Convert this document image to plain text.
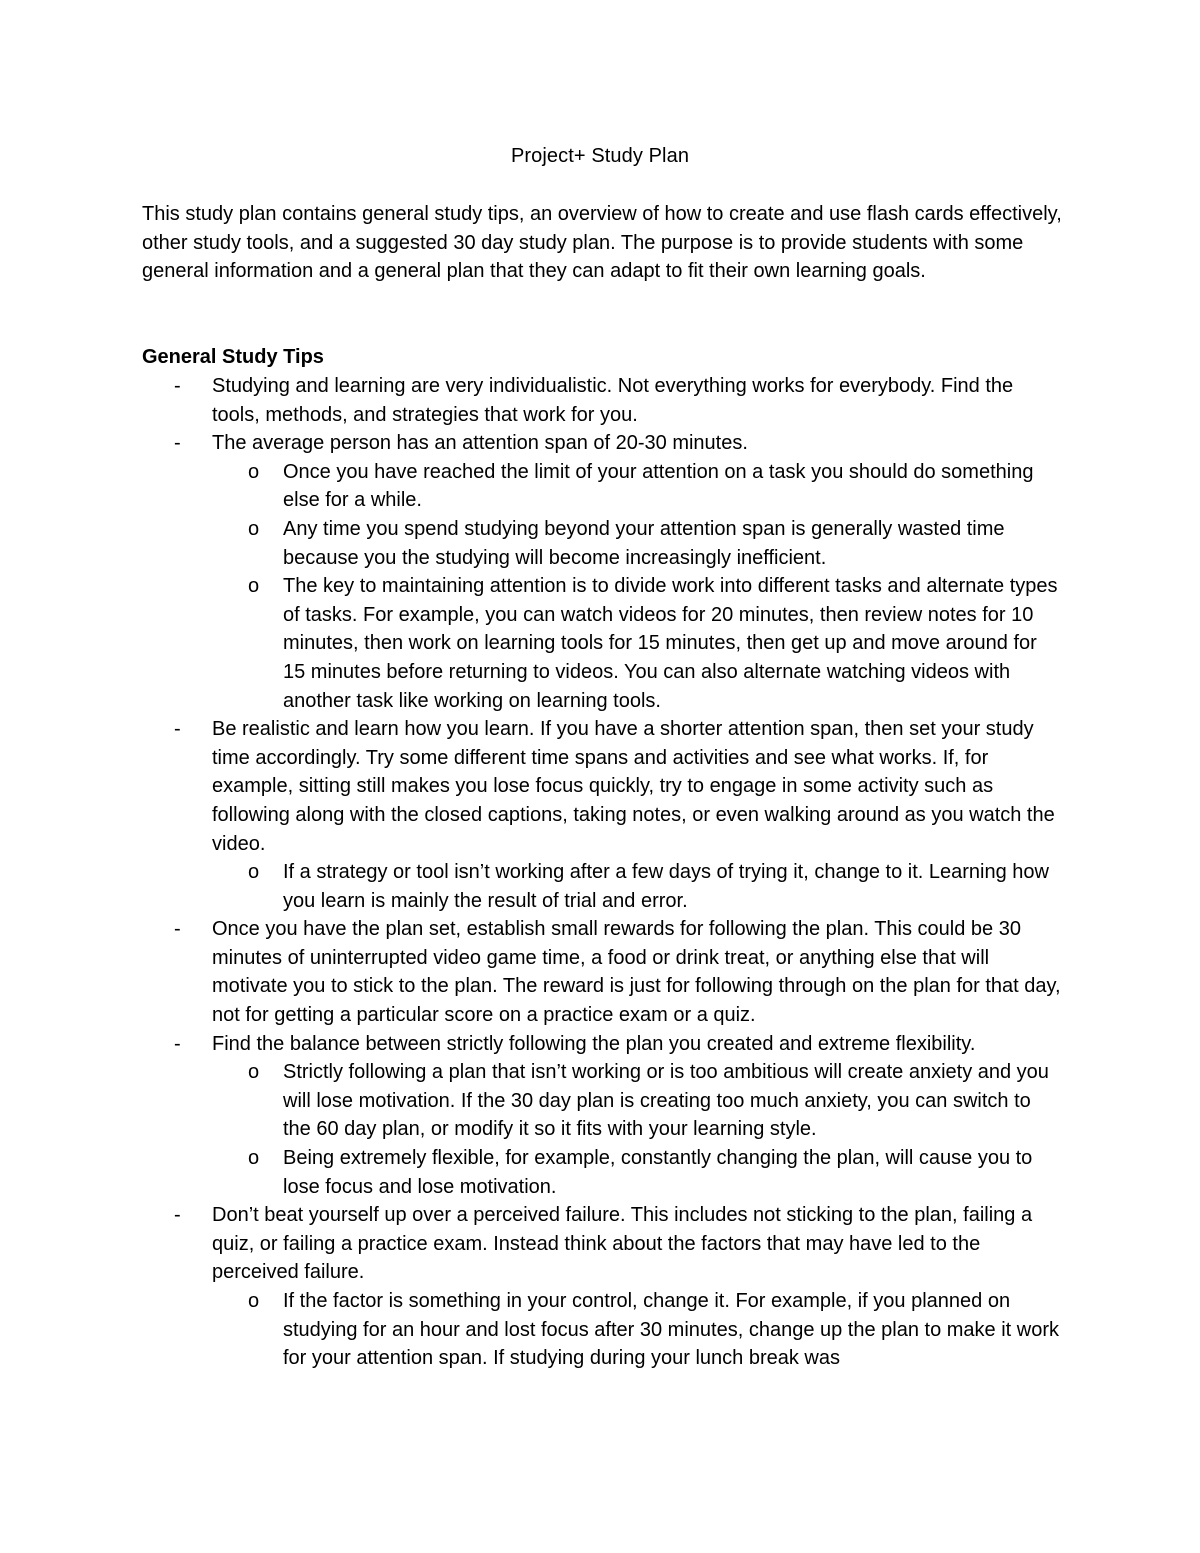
Project+ Study Plan

This study plan contains general study tips, an overview of how to create and use flash cards effectively, other study tools, and a suggested 30 day study plan. The purpose is to provide students with some general information and a general plan that they can adapt to fit their own learning goals.

General Study Tips
- Studying and learning are very individualistic. Not everything works for everybody. Find the tools, methods, and strategies that work for you.
- The average person has an attention span of 20-30 minutes.
o Once you have reached the limit of your attention on a task you should do something else for a while.
o Any time you spend studying beyond your attention span is generally wasted time because you the studying will become increasingly inefficient.
o The key to maintaining attention is to divide work into different tasks and alternate types of tasks. For example, you can watch videos for 20 minutes, then review notes for 10 minutes, then work on learning tools for 15 minutes, then get up and move around for 15 minutes before returning to videos. You can also alternate watching videos with another task like working on learning tools.
- Be realistic and learn how you learn. If you have a shorter attention span, then set your study time accordingly. Try some different time spans and activities and see what works. If, for example, sitting still makes you lose focus quickly, try to engage in some activity such as following along with the closed captions, taking notes, or even walking around as you watch the video.
o If a strategy or tool isn’t working after a few days of trying it, change to it. Learning how you learn is mainly the result of trial and error.
- Once you have the plan set, establish small rewards for following the plan. This could be 30 minutes of uninterrupted video game time, a food or drink treat, or anything else that will motivate you to stick to the plan. The reward is just for following through on the plan for that day, not for getting a particular score on a practice exam or a quiz.
- Find the balance between strictly following the plan you created and extreme flexibility.
o Strictly following a plan that isn’t working or is too ambitious will create anxiety and you will lose motivation. If the 30 day plan is creating too much anxiety, you can switch to the 60 day plan, or modify it so it fits with your learning style.
o Being extremely flexible, for example, constantly changing the plan, will cause you to lose focus and lose motivation.
- Don’t beat yourself up over a perceived failure. This includes not sticking to the plan, failing a quiz, or failing a practice exam. Instead think about the factors that may have led to the perceived failure.
o If the factor is something in your control, change it. For example, if you planned on studying for an hour and lost focus after 30 minutes, change up the plan to make it work for your attention span. If studying during your lunch break was
